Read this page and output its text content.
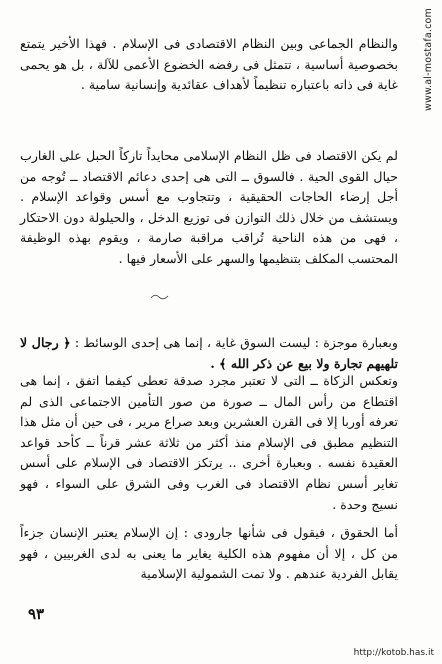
www.al-mostafa.com

والنظام الجماعى وبين النظام الاقتصادى فى الإسلام . فهذا الأخير يتمتع بخصوصية أساسية ، تتمثل فى رفضه الخضوع الأعمى للآلة ، بل هو يحمى غاية فى ذاته باعتباره تنظيماً لأهداف عقائدية وإنسانية سامية .

لم يكن الاقتصاد فى ظل النظام الإسلامى محايداً تاركاً الحبل على الغارب حيال القوى الحية . فالسوق ــ التى هى إحدى دعائم الاقتصاد ــ تُوجه من أجل إرضاء الحاجات الحقيقية ، وتتجاوب مع أسس وقواعد الإسلام . ويستشف من خلال ذلك التوازن فى توزيع الدخل ، والحيلولة دون الاحتكار ، فهى من هذه الناحية تُراقب مراقبة صارمة ، ويقوم بهذه الوظيفة المحتسب المكلف بتنظيمها والسهر على الأسعار فيها .

وبعبارة موجزة : ليست السوق غاية ، إنما هى إحدى الوسائط : ﴿ رجال لا تلهيهم تجارة ولا بيع عن ذكر الله ﴾ .

وتعكس الزكاة ــ التى لا تعتبر مجرد صدقة تعطى كيفما اتفق ، إنما هى اقتطاع من رأس المال ــ صورة من صور التأمين الاجتماعى الذى لم تعرفه أوربا إلا فى القرن العشرين وبعد صراع مرير ، فى حين أن مثل هذا التنظيم مطبق فى الإسلام منذ أكثر من ثلاثة عشر قرناً ــ كأحد قواعد العقيدة نفسه . وبعبارة أخرى .. يرتكز الاقتصاد فى الإسلام على أسس تغاير أسس نظام الاقتصاد فى الغرب وفى الشرق على السواء ، فهو نسيج وحدة .

أما الحقوق ، فيقول فى شأنها جارودى : إن الإسلام يعتبر الإنسان جزءاً من كل ، إلا أن مفهوم هذه الكلية يغاير ما يعنى به لدى الغربيين ، فهو يقابل الفردية عندهم . ولا تمت الشمولية الإسلامية

٩٣
http://kotob.has.it
